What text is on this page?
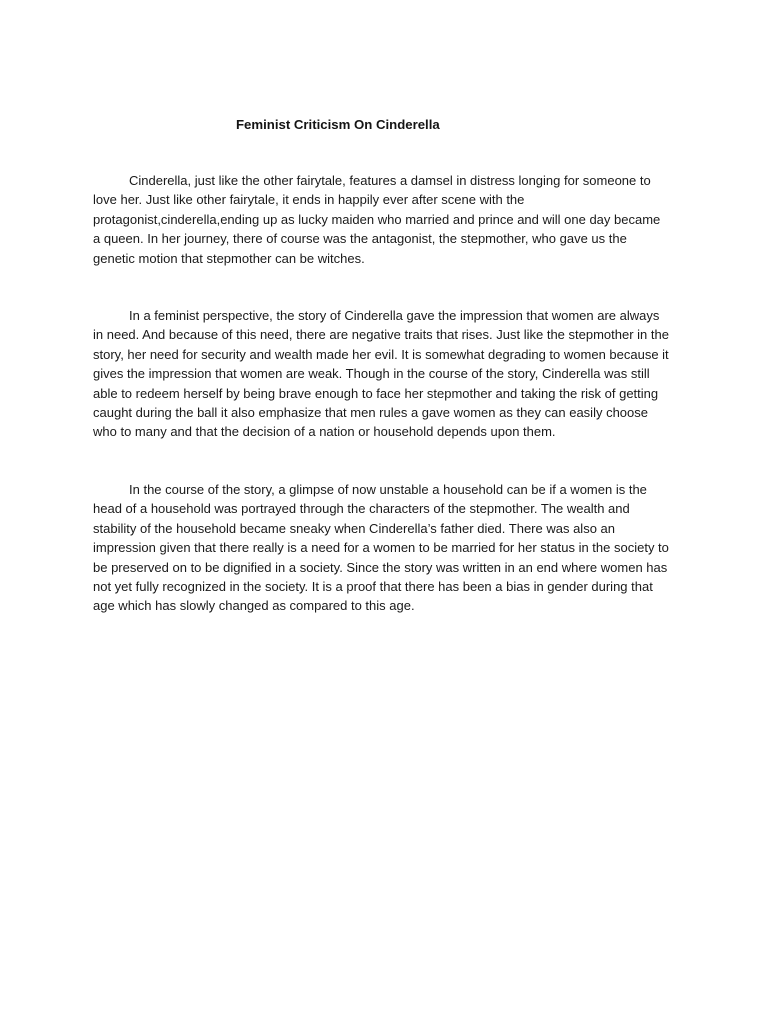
Feminist Criticism On Cinderella

Cinderella, just like the other fairytale, features a damsel in distress longing for someone to love her. Just like other fairytale, it ends in happily ever after scene with the protagonist,cinderella,ending up as lucky maiden who married and prince and will one day became a queen. In her journey, there of course was the antagonist, the stepmother, who gave us the genetic motion that stepmother can be witches.

In a feminist perspective, the story of Cinderella gave the impression that women are always in need. And because of this need, there are negative traits that rises. Just like the stepmother in the story, her need for security and wealth made her evil. It is somewhat degrading to women because it gives the impression that women are weak. Though in the course of the story, Cinderella was still able to redeem herself by being brave enough to face her stepmother and taking the risk of getting caught during the ball it also emphasize that men rules a gave women as they can easily choose who to many and that the decision of a nation or household depends upon them.

In the course of the story, a glimpse of now unstable a household can be if a women is the head of a household was portrayed through the characters of the stepmother. The wealth and stability of the household became sneaky when Cinderella’s father died. There was also an impression given that there really is a need for a women to be married for her status in the society to be preserved on to be dignified in a society. Since the story was written in an end where women has not yet fully recognized in the society. It is a proof that there has been a bias in gender during that age which has slowly changed as compared to this age.
